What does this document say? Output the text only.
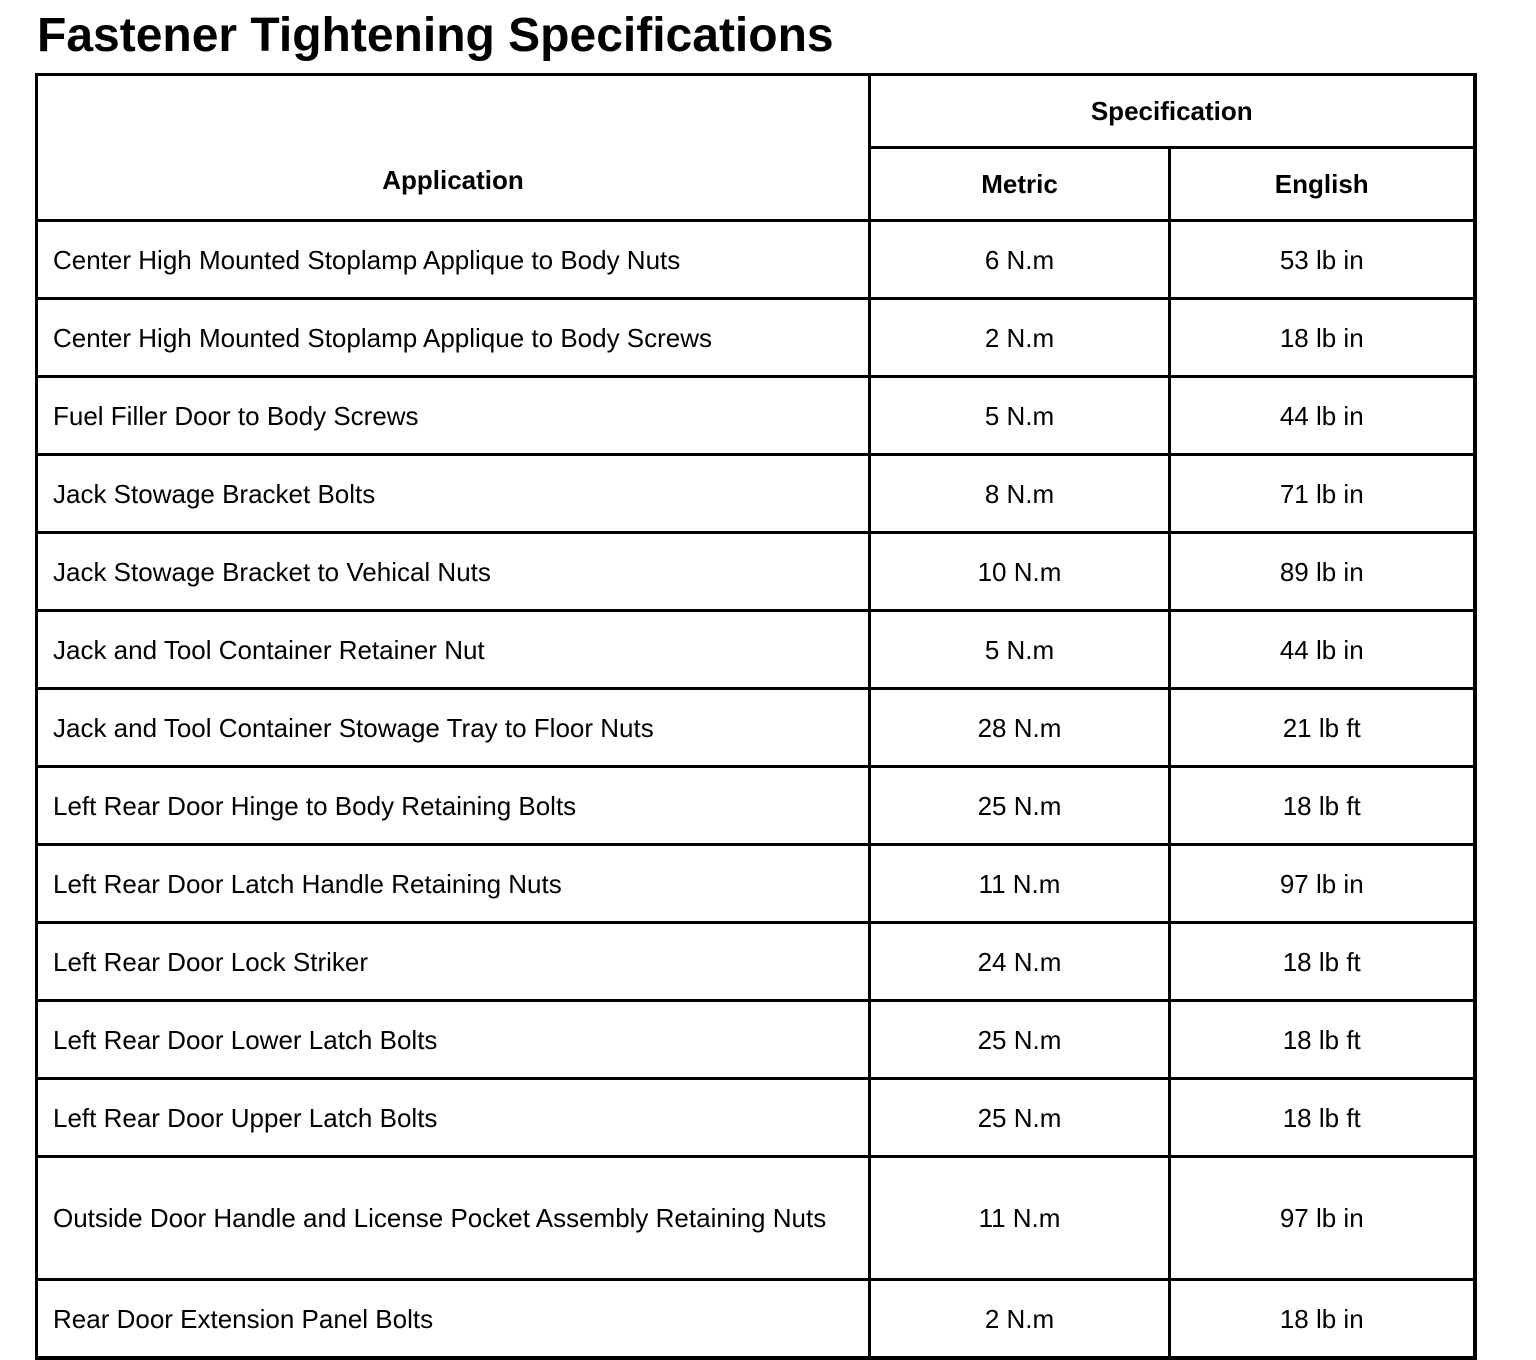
Fastener Tightening Specifications
Application	Specification	
	Metric	English
Center High Mounted Stoplamp Applique to Body Nuts	6 N.m	53 lb in
Center High Mounted Stoplamp Applique to Body Screws	2 N.m	18 lb in
Fuel Filler Door to Body Screws	5 N.m	44 lb in
Jack Stowage Bracket Bolts	8 N.m	71 lb in
Jack Stowage Bracket to Vehical Nuts	10 N.m	89 lb in
Jack and Tool Container Retainer Nut	5 N.m	44 lb in
Jack and Tool Container Stowage Tray to Floor Nuts	28 N.m	21 lb ft
Left Rear Door Hinge to Body Retaining Bolts	25 N.m	18 lb ft
Left Rear Door Latch Handle Retaining Nuts	11 N.m	97 lb in
Left Rear Door Lock Striker	24 N.m	18 lb ft
Left Rear Door Lower Latch Bolts	25 N.m	18 lb ft
Left Rear Door Upper Latch Bolts	25 N.m	18 lb ft
Outside Door Handle and License Pocket Assembly Retaining Nuts	11 N.m	97 lb in
Rear Door Extension Panel Bolts	2 N.m	18 lb in
